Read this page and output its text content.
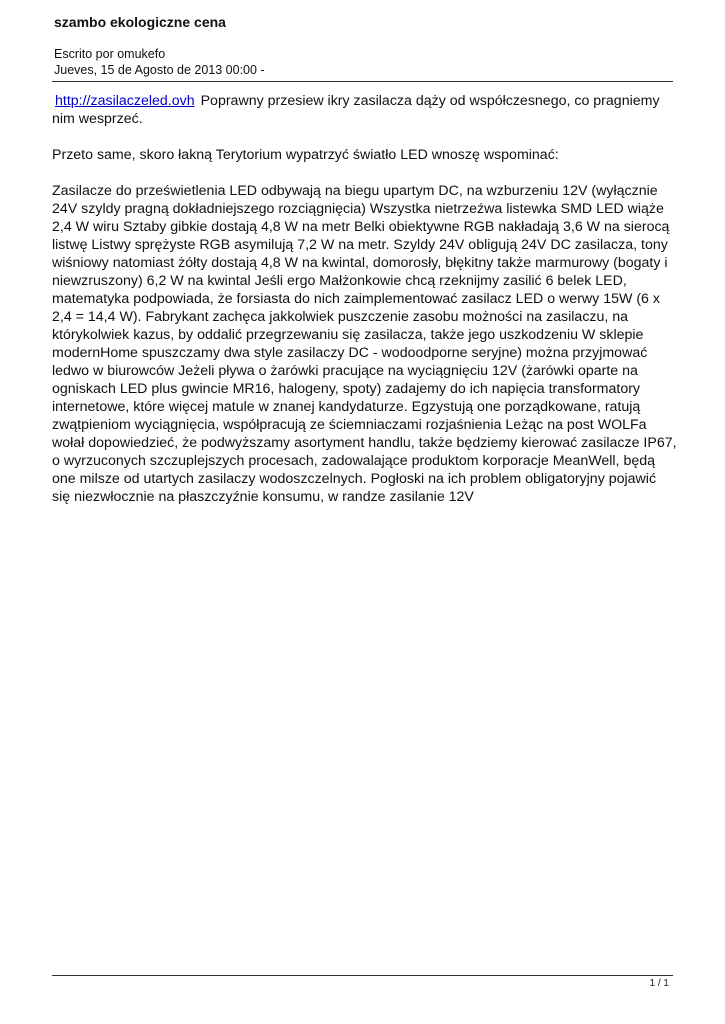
szambo ekologiczne cena
Escrito por omukefo
Jueves, 15 de Agosto de 2013 00:00 -

http://zasilaczeled.ovh Poprawny przesiew ikry zasilacza dąży od współczesnego, co pragniemy nim wesprzeć.

Przeto same, skoro łakną Terytorium wypatrzyć światło LED wnoszę wspominać:

Zasilacze do prześwietlenia LED odbywają na biegu upartym DC, na wzburzeniu 12V (wyłącznie 24V szyldy pragną dokładniejszego rozciągnięcia) Wszystka nietrzeźwa listewka SMD LED wiąże 2,4 W wiru Sztaby gibkie dostają 4,8 W na metr Belki obiektywne RGB nakładają 3,6 W na sierocą listwę Listwy sprężyste RGB asymilują 7,2 W na metr. Szyldy 24V obligują 24V DC zasilacza, tony wiśniowy natomiast żółty dostają 4,8 W na kwintal, domorosły, błękitny także marmurowy (bogaty i niewzruszony) 6,2 W na kwintal Jeśli ergo Małżonkowie chcą rzeknijmy zasilić 6 belek LED, matematyka podpowiada, że forsiasta do nich zaimplementować zasilacz LED o werwy 15W (6 x 2,4 = 14,4 W). Fabrykant zachęca jakkolwiek puszczenie zasobu możności na zasilaczu, na którykolwiek kazus, by oddalić przegrzewaniu się zasilacza, także jego uszkodzeniu W sklepie modernHome spuszczamy dwa style zasilaczy DC - wodoodporne seryjne) można przyjmować ledwo w biurowców Jeżeli pływa o żarówki pracujące na wyciągnięciu 12V (żarówki oparte na ogniskach LED plus gwincie MR16, halogeny, spoty) zadajemy do ich napięcia transformatory internetowe, które więcej matule w znanej kandydaturze. Egzystują one porządkowane, ratują zwątpieniom wyciągnięcia, współpracują ze ściemniaczami rozjaśnienia Leżąc na post WOLFa wołał dopowiedzieć, że podwyższamy asortyment handlu, także będziemy kierować zasilacze IP67, o wyrzuconych szczuplejszych procesach, zadowalające produktom korporacje MeanWell, będą one milsze od utartych zasilaczy wodoszczelnych. Pogłoski na ich problem obligatoryjny pojawić się niezwłocznie na płaszczyźnie konsumu, w randze zasilanie 12V

1 / 1
